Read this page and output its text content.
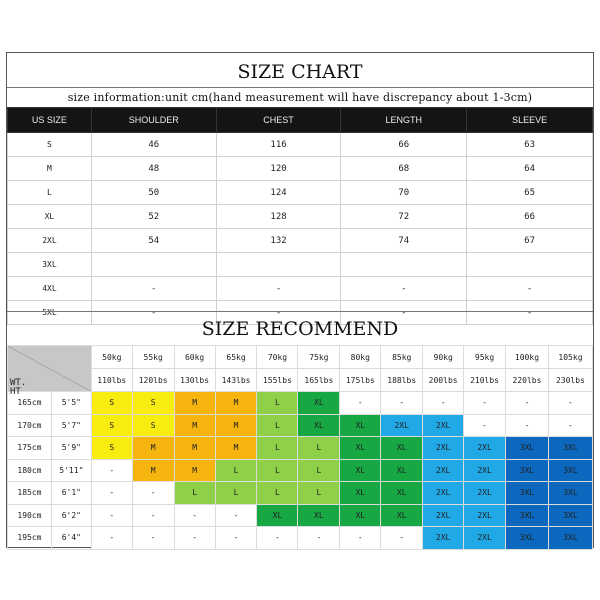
SIZE CHART
size information:unit cm(hand measurement will have discrepancy about 1-3cm)
US SIZE	SHOULDER	CHEST	LENGTH	SLEEVE
S	46	116	66	63
M	48	120	68	64
L	50	124	70	65
XL	52	128	72	66
2XL	54	132	74	67
3XL				
4XL	-	-	-	-
5XL	-	-	-	-
SIZE RECOMMEND
WT.
HT		50kg	55kg	60kg	65kg	70kg	75kg	80kg	85kg	90kg	95kg	100kg	105kg
		110lbs	120lbs	130lbs	143lbs	155lbs	165lbs	175lbs	188lbs	200lbs	210lbs	220lbs	230lbs
165cm	5'5"	S	S	M	M	L	XL	-	-	-	-	-	-
170cm	5'7"	S	S	M	M	L	XL	XL	2XL	2XL	-	-	-
175cm	5'9"	S	M	M	M	L	L	XL	XL	2XL	2XL	3XL	3XL
180cm	5'11"	-	M	M	L	L	L	XL	XL	2XL	2XL	3XL	3XL
185cm	6'1"	-	-	L	L	L	L	XL	XL	2XL	2XL	3XL	3XL
190cm	6'2"	-	-	-	-	XL	XL	XL	XL	2XL	2XL	3XL	3XL
195cm	6'4"	-	-	-	-	-	-	-	-	2XL	2XL	3XL	3XL
